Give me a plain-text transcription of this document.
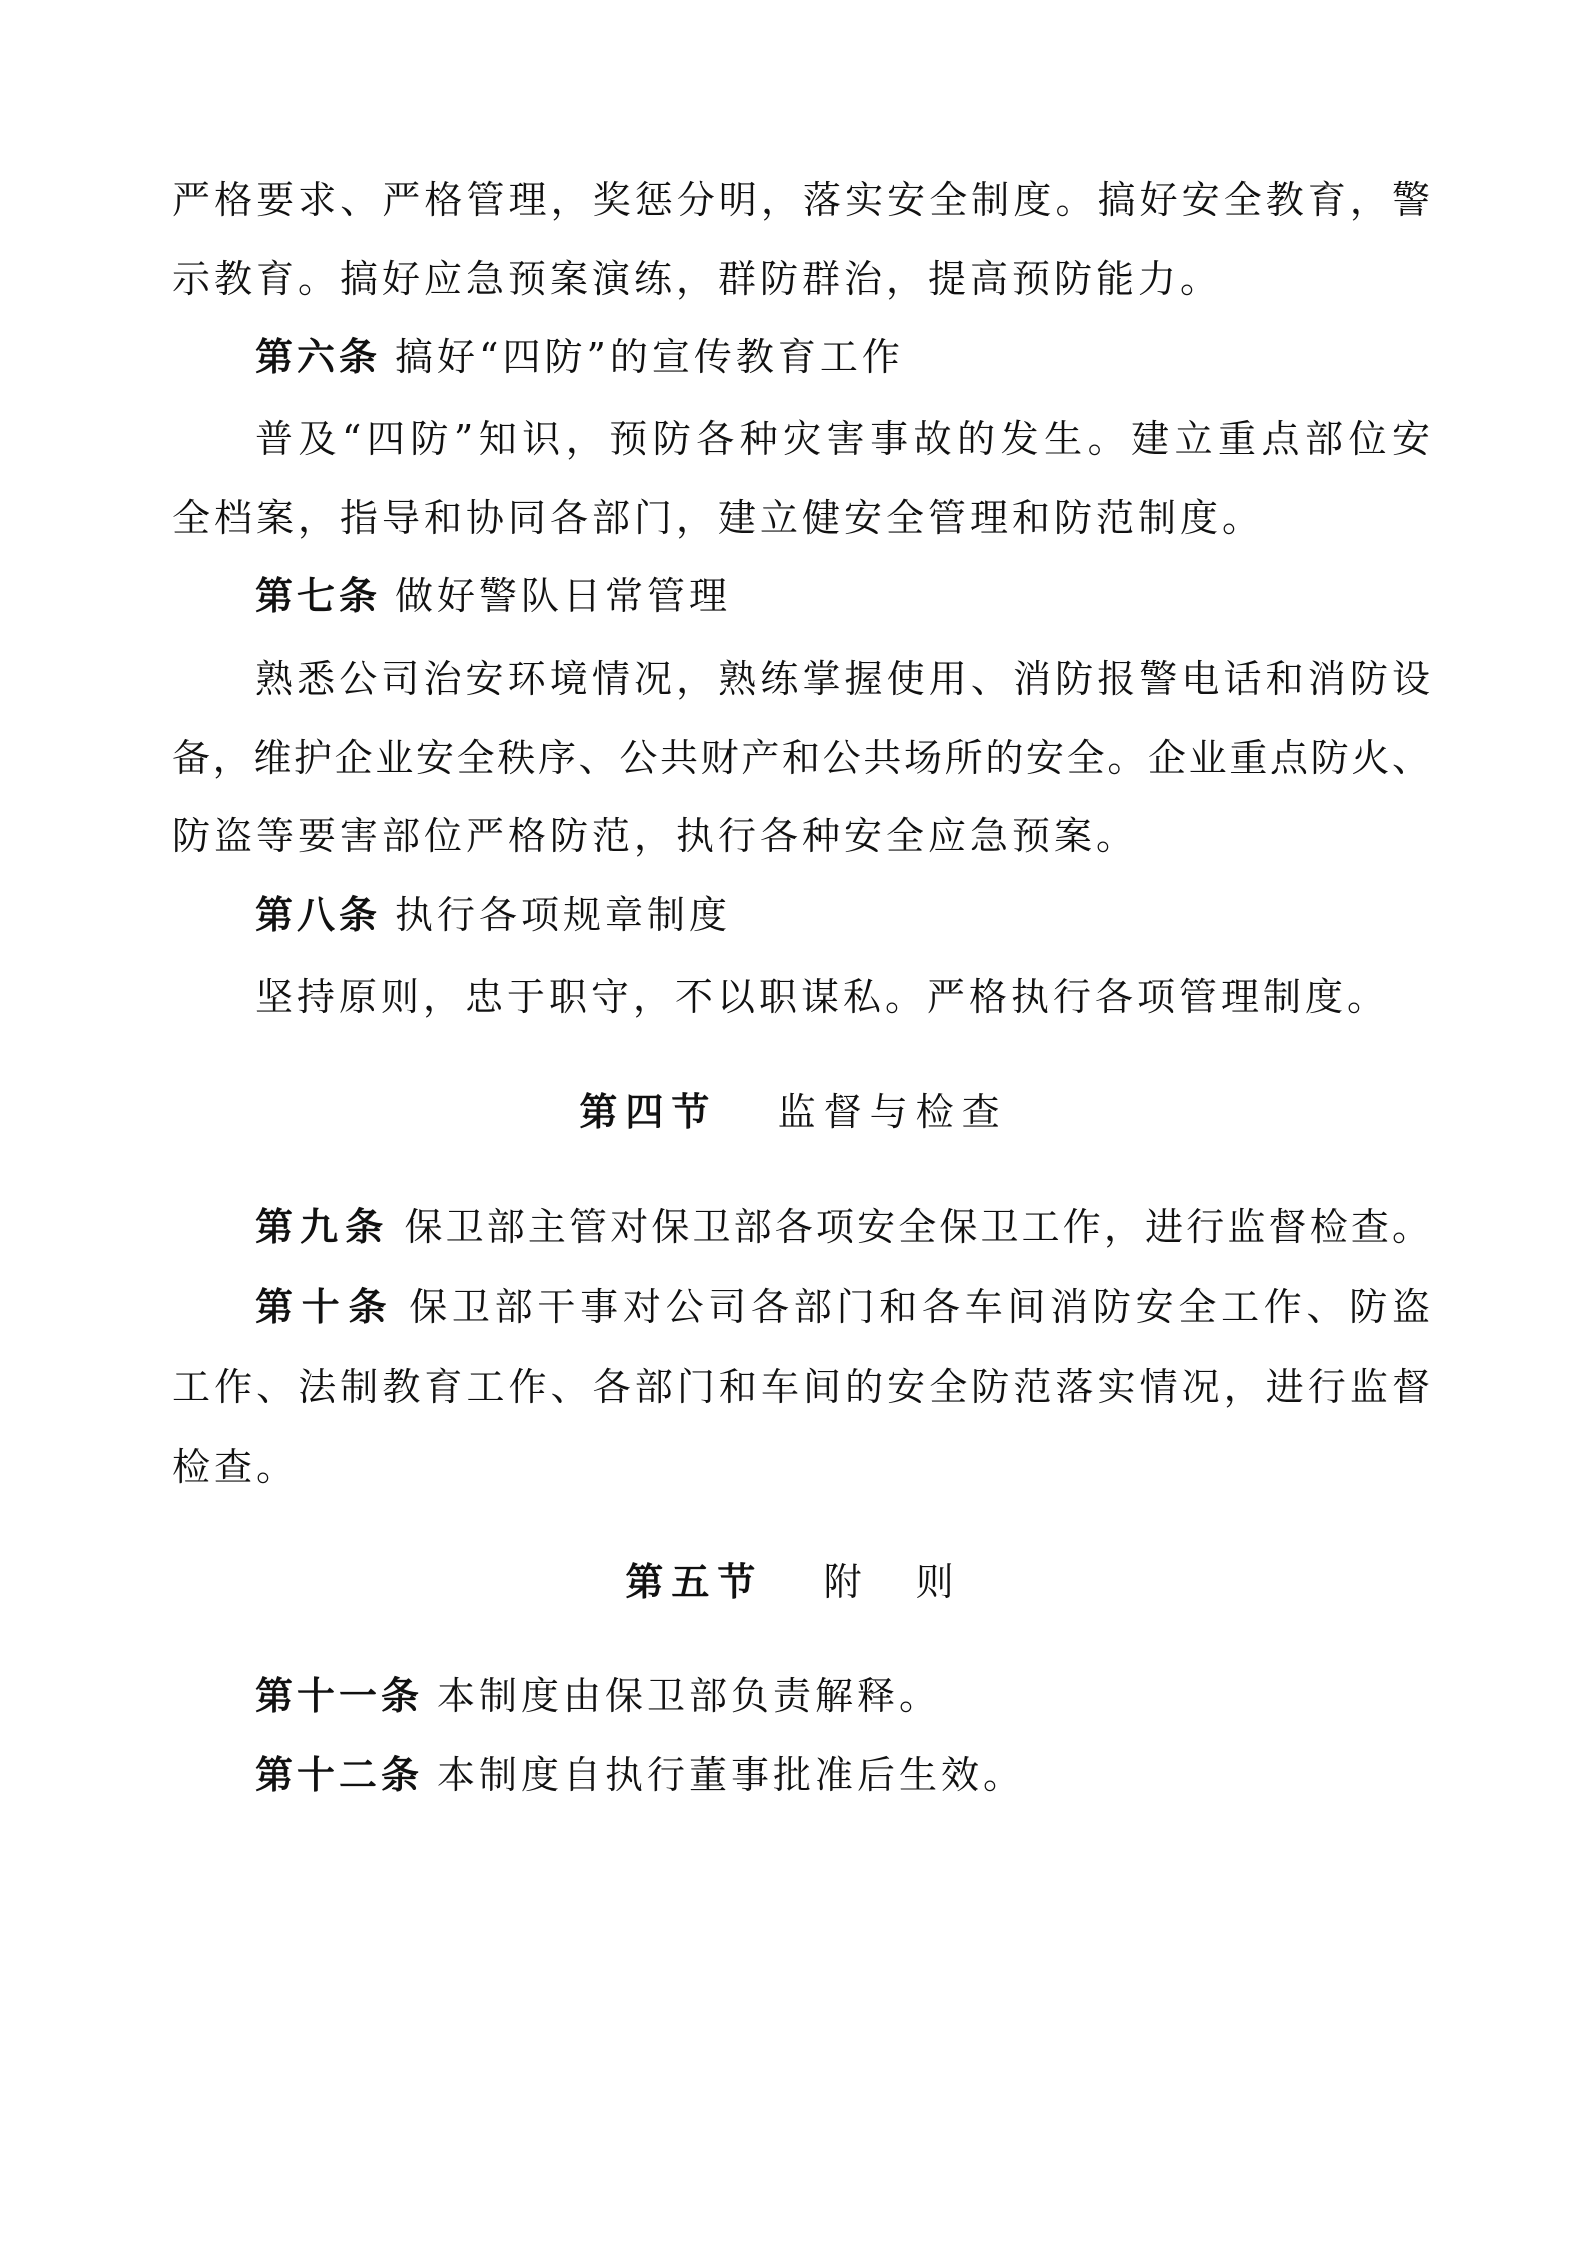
严格要求、严格管理，奖惩分明，落实安全制度。搞好安全教育，警
示教育。搞好应急预案演练，群防群治，提高预防能力。
第六条 搞好“四防”的宣传教育工作
普及“四防”知识，预防各种灾害事故的发生。建立重点部位安
全档案，指导和协同各部门，建立健安全管理和防范制度。
第七条 做好警队日常管理
熟悉公司治安环境情况，熟练掌握使用、消防报警电话和消防设
备，维护企业安全秩序、公共财产和公共场所的安全。企业重点防火、
防盗等要害部位严格防范，执行各种安全应急预案。
第八条 执行各项规章制度
坚持原则，忠于职守，不以职谋私。严格执行各项管理制度。
第四节 监督与检查
第九条 保卫部主管对保卫部各项安全保卫工作，进行监督检查。
第十条 保卫部干事对公司各部门和各车间消防安全工作、防盗
工作、法制教育工作、各部门和车间的安全防范落实情况，进行监督
检查。
第五节 附　则
第十一条 本制度由保卫部负责解释。
第十二条 本制度自执行董事批准后生效。
